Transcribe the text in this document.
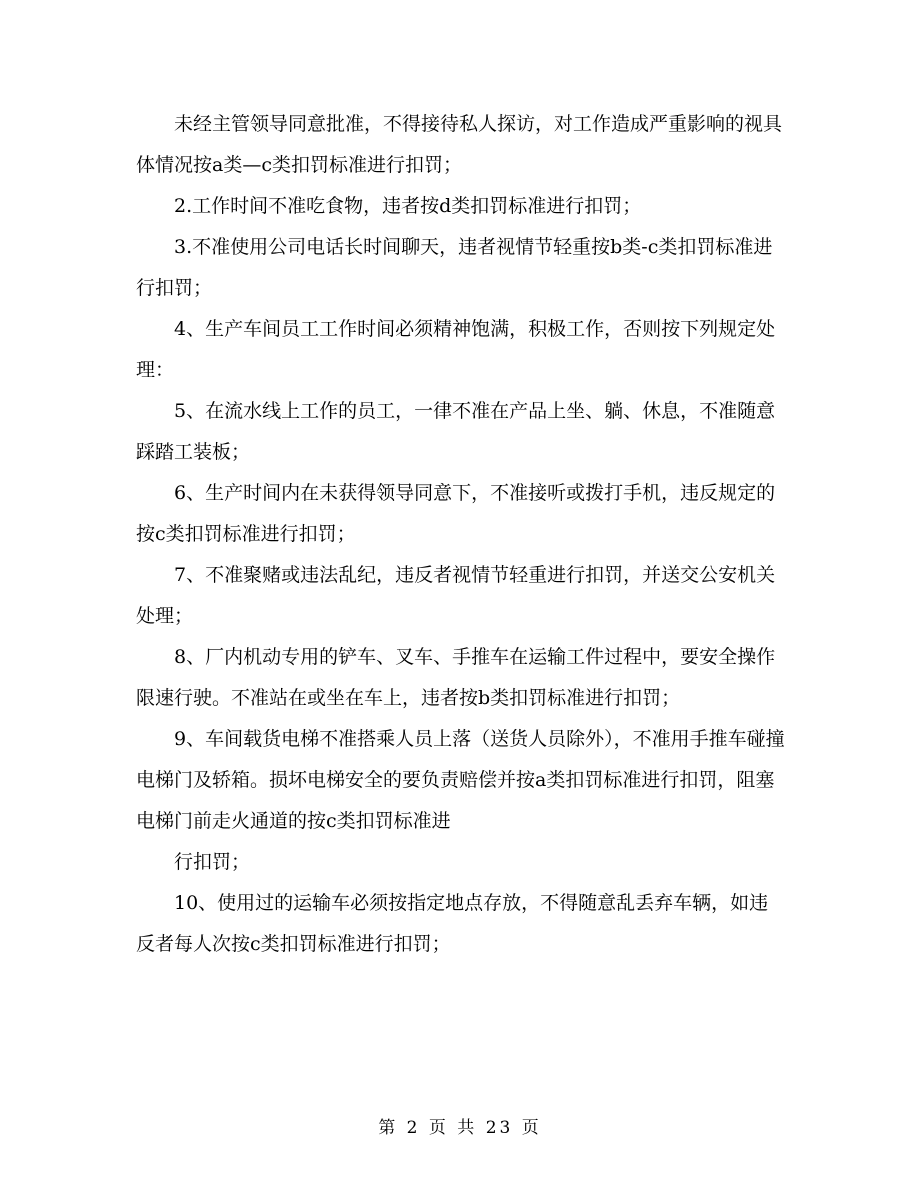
未经主管领导同意批准，不得接待私人探访，对工作造成严重影响的视具体情况按a类—c类扣罚标准进行扣罚；

2.工作时间不准吃食物，违者按d类扣罚标准进行扣罚；

3.不准使用公司电话长时间聊天，违者视情节轻重按b类-c类扣罚标准进行扣罚；

4、生产车间员工工作时间必须精神饱满，积极工作，否则按下列规定处理：

5、在流水线上工作的员工，一律不准在产品上坐、躺、休息，不准随意踩踏工装板；

6、生产时间内在未获得领导同意下，不准接听或拨打手机，违反规定的按c类扣罚标准进行扣罚；

7、不准聚赌或违法乱纪，违反者视情节轻重进行扣罚，并送交公安机关处理；

8、厂内机动专用的铲车、叉车、手推车在运输工件过程中，要安全操作限速行驶。不准站在或坐在车上，违者按b类扣罚标准进行扣罚；

9、车间载货电梯不准搭乘人员上落（送货人员除外），不准用手推车碰撞电梯门及轿箱。损坏电梯安全的要负责赔偿并按a类扣罚标准进行扣罚，阻塞电梯门前走火通道的按c类扣罚标准进

行扣罚；

10、使用过的运输车必须按指定地点存放，不得随意乱丢弃车辆，如违反者每人次按c类扣罚标准进行扣罚；

第 2 页 共 23 页
